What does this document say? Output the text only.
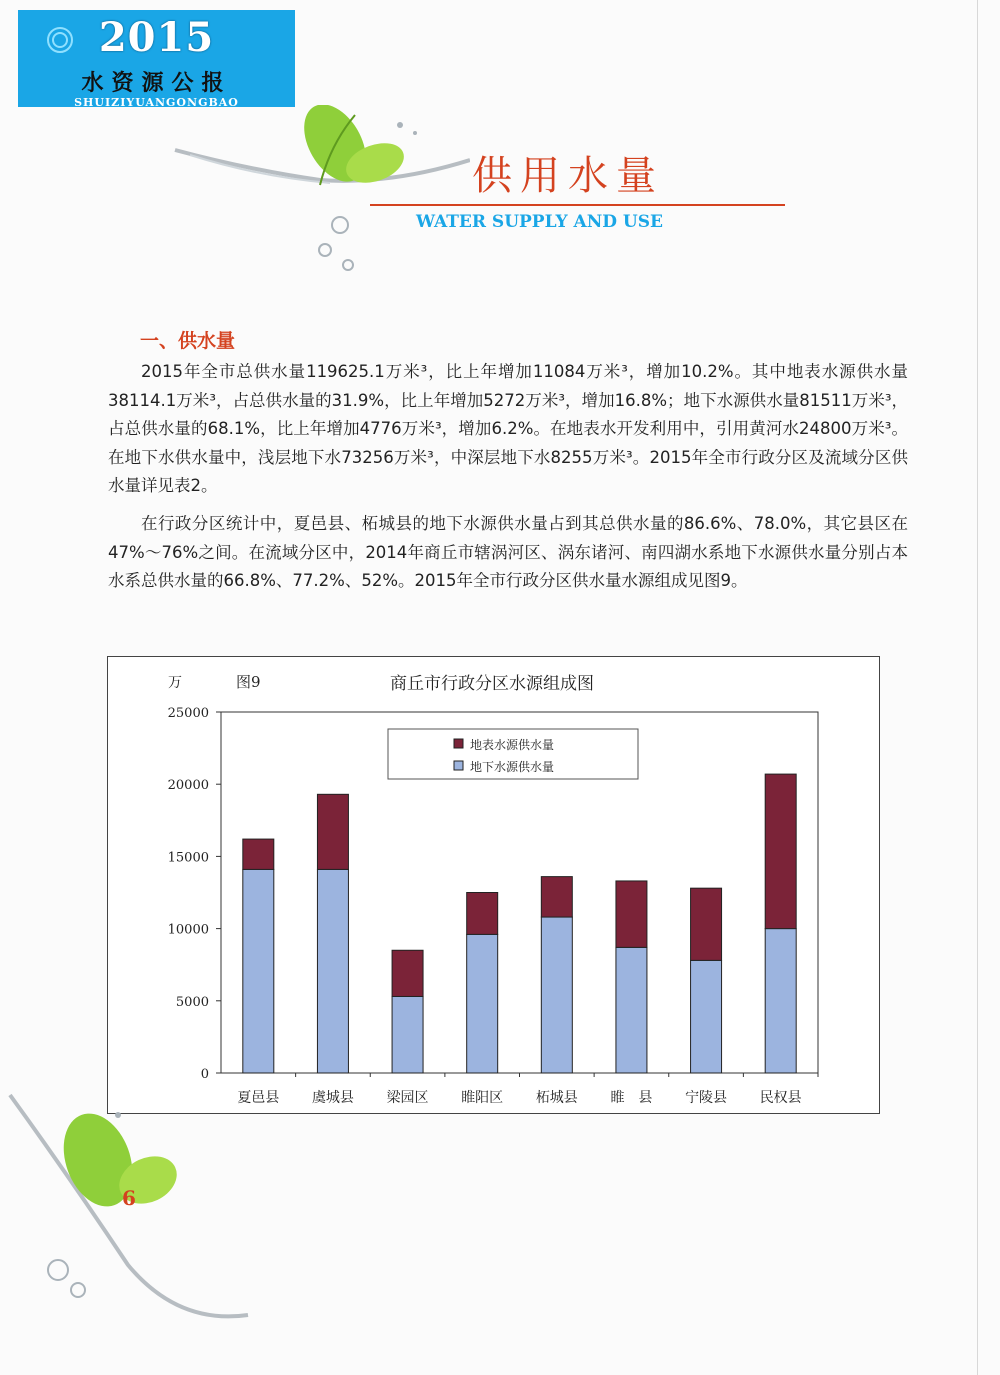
2015
水资源公报
SHUIZIYUANGONGBAO
供用水量
WATER SUPPLY AND USE
一、供水量
2015年全市总供水量119625.1万米³，比上年增加11084万米³，增加10.2%。其中地表水源供水量38114.1万米³，占总供水量的31.9%，比上年增加5272万米³，增加16.8%；地下水源供水量81511万米³，占总供水量的68.1%，比上年增加4776万米³，增加6.2%。在地表水开发利用中，引用黄河水24800万米³。在地下水供水量中，浅层地下水73256万米³，中深层地下水8255万米³。2015年全市行政分区及流域分区供水量详见表2。
在行政分区统计中，夏邑县、柘城县的地下水源供水量占到其总供水量的86.6%、78.0%，其它县区在47%～76%之间。在流域分区中，2014年商丘市辖涡河区、涡东诸河、南四湖水系地下水源供水量分别占本水系总供水量的66.8%、77.2%、52%。2015年全市行政分区供水量水源组成见图9。
万	图9	商丘市行政分区水源组成图
25000
20000
15000
10000
5000
0
夏邑县 虞城县 梁园区 睢阳区 柘城县 睢　县 宁陵县 民权县
地表水源供水量
地下水源供水量
6
